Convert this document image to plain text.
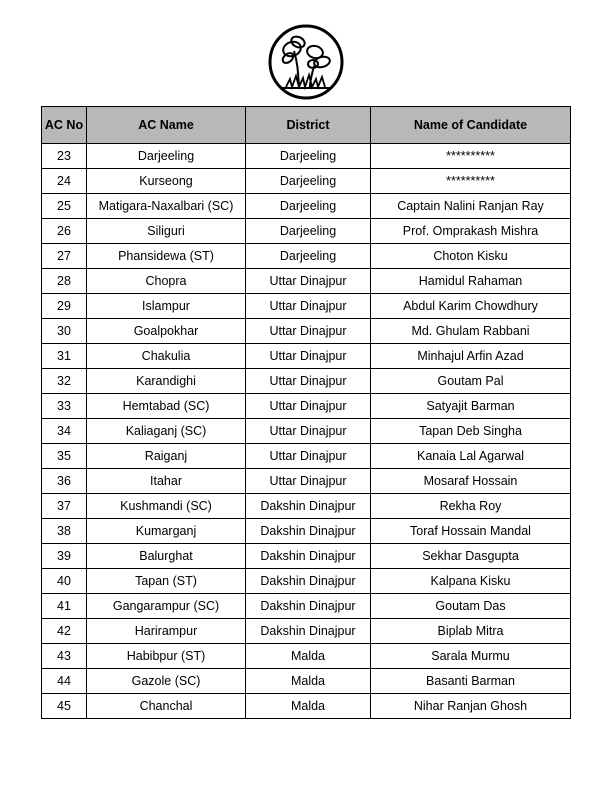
AC No	AC Name	District	Name of Candidate
23	Darjeeling	Darjeeling	**********
24	Kurseong	Darjeeling	**********
25	Matigara-Naxalbari (SC)	Darjeeling	Captain Nalini Ranjan Ray
26	Siliguri	Darjeeling	Prof. Omprakash Mishra
27	Phansidewa (ST)	Darjeeling	Choton Kisku
28	Chopra	Uttar Dinajpur	Hamidul Rahaman
29	Islampur	Uttar Dinajpur	Abdul Karim Chowdhury
30	Goalpokhar	Uttar Dinajpur	Md. Ghulam Rabbani
31	Chakulia	Uttar Dinajpur	Minhajul Arfin Azad
32	Karandighi	Uttar Dinajpur	Goutam Pal
33	Hemtabad (SC)	Uttar Dinajpur	Satyajit Barman
34	Kaliaganj (SC)	Uttar Dinajpur	Tapan Deb Singha
35	Raiganj	Uttar Dinajpur	Kanaia Lal Agarwal
36	Itahar	Uttar Dinajpur	Mosaraf Hossain
37	Kushmandi (SC)	Dakshin Dinajpur	Rekha Roy
38	Kumarganj	Dakshin Dinajpur	Toraf Hossain Mandal
39	Balurghat	Dakshin Dinajpur	Sekhar Dasgupta
40	Tapan (ST)	Dakshin Dinajpur	Kalpana Kisku
41	Gangarampur (SC)	Dakshin Dinajpur	Goutam Das
42	Harirampur	Dakshin Dinajpur	Biplab Mitra
43	Habibpur (ST)	Malda	Sarala Murmu
44	Gazole (SC)	Malda	Basanti Barman
45	Chanchal	Malda	Nihar Ranjan Ghosh
